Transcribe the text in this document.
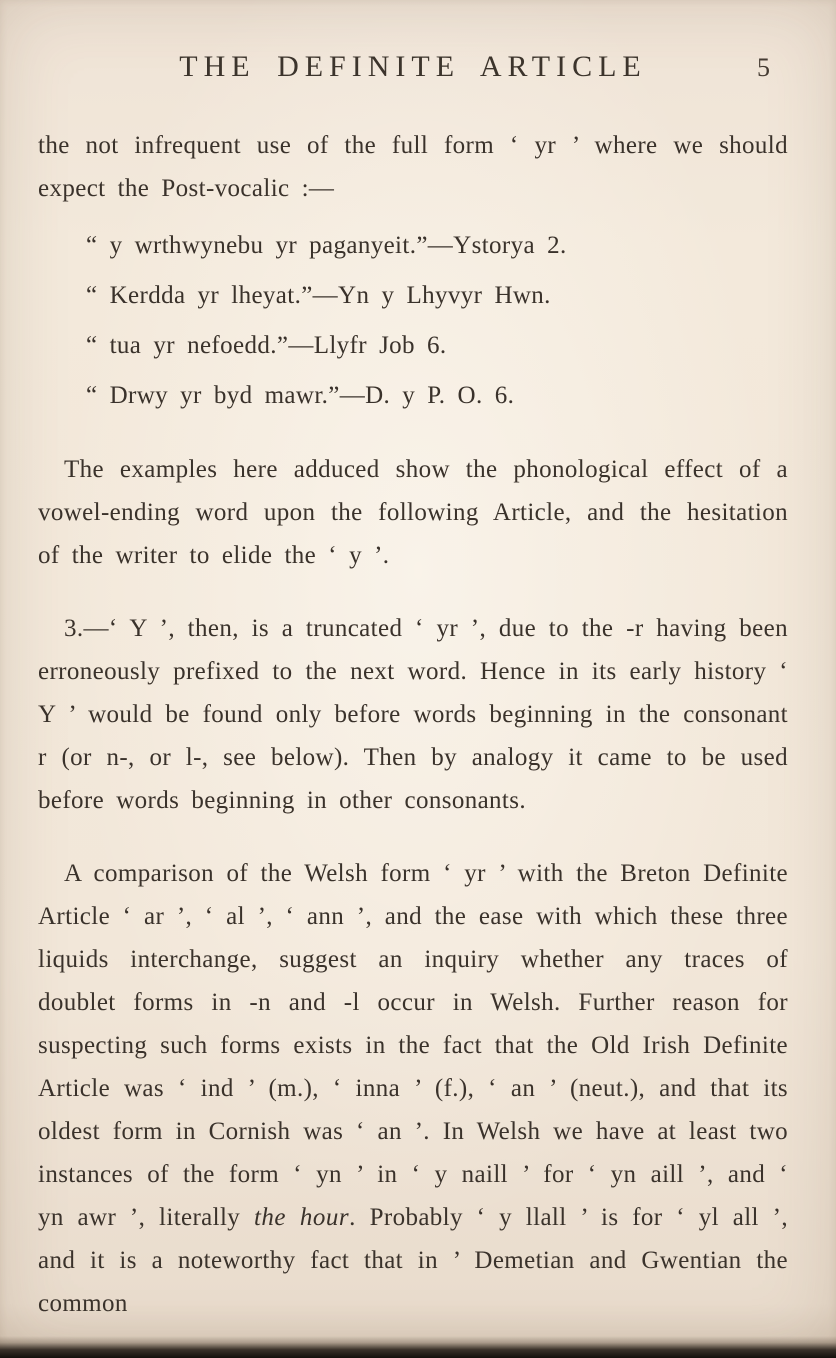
THE DEFINITE ARTICLE	5

the not infrequent use of the full form ‘ yr ’ where we should expect the Post-vocalic :—

“ y wrthwynebu yr paganyeit.”—Ystorya 2.

“ Kerdda yr lheyat.”—Yn y Lhyvyr Hwn.

“ tua yr nefoedd.”—Llyfr Job 6.

“ Drwy yr byd mawr.”—D. y P. O. 6.

The examples here adduced show the phonological effect of a vowel-ending word upon the following Article, and the hesitation of the writer to elide the ‘ y ’.

3.—‘ Y ’, then, is a truncated ‘ yr ’, due to the -r having been erroneously prefixed to the next word. Hence in its early history ‘ Y ’ would be found only before words beginning in the consonant r (or n-, or l-, see below). Then by analogy it came to be used before words beginning in other consonants.

A comparison of the Welsh form ‘ yr ’ with the Breton Definite Article ‘ ar ’, ‘ al ’, ‘ ann ’, and the ease with which these three liquids interchange, suggest an inquiry whether any traces of doublet forms in -n and -l occur in Welsh. Further reason for suspecting such forms exists in the fact that the Old Irish Definite Article was ‘ ind ’ (m.), ‘ inna ’ (f.), ‘ an ’ (neut.), and that its oldest form in Cornish was ‘ an ’. In Welsh we have at least two instances of the form ‘ yn ’ in ‘ y naill ’ for ‘ yn aill ’, and ‘ yn awr ’, literally the hour. Probably ‘ y llall ’ is for ‘ yl all ’, and it is a noteworthy fact that in ’ Demetian and Gwentian the common
